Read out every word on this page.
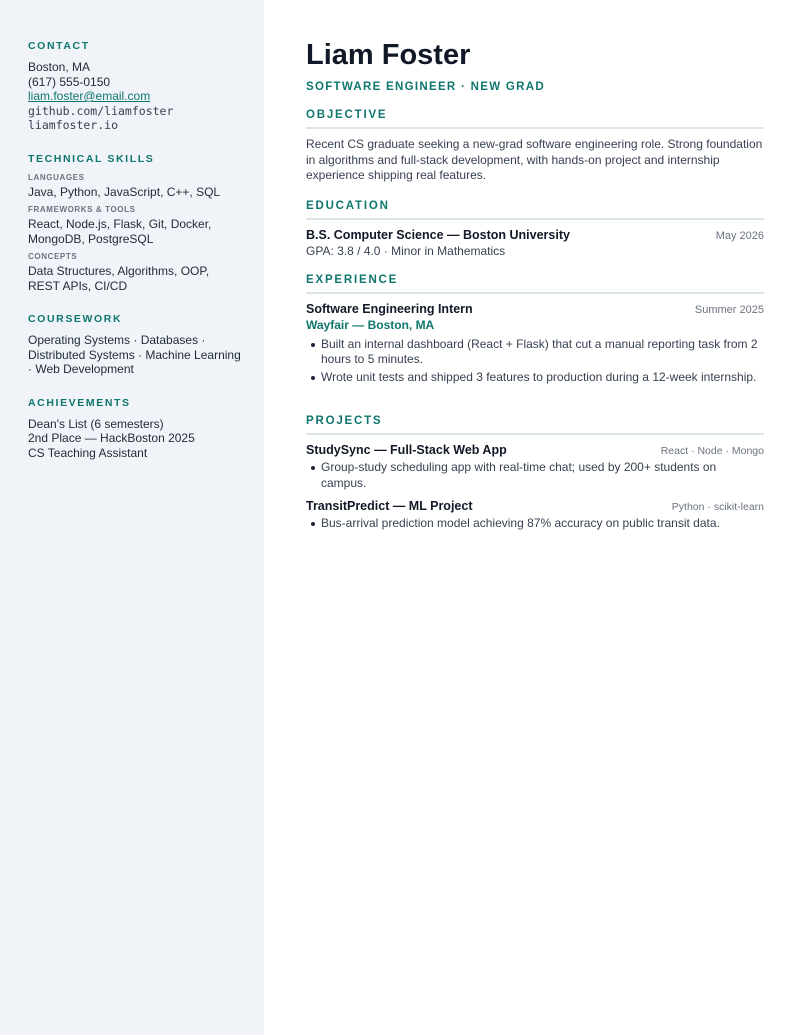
CONTACT
Boston, MA
(617) 555-0150
liam.foster@email.com
github.com/liamfoster
liamfoster.io
TECHNICAL SKILLS
LANGUAGES
Java, Python, JavaScript, C++, SQL
FRAMEWORKS & TOOLS
React, Node.js, Flask, Git, Docker, MongoDB, PostgreSQL
CONCEPTS
Data Structures, Algorithms, OOP, REST APIs, CI/CD
COURSEWORK
Operating Systems · Databases · Distributed Systems · Machine Learning · Web Development
ACHIEVEMENTS
Dean's List (6 semesters)
2nd Place — HackBoston 2025
CS Teaching Assistant
Liam Foster
SOFTWARE ENGINEER · NEW GRAD
OBJECTIVE
Recent CS graduate seeking a new-grad software engineering role. Strong foundation in algorithms and full-stack development, with hands-on project and internship experience shipping real features.
EDUCATION
B.S. Computer Science — Boston University	May 2026
GPA: 3.8 / 4.0 · Minor in Mathematics
EXPERIENCE
Software Engineering Intern	Summer 2025
Wayfair — Boston, MA
Built an internal dashboard (React + Flask) that cut a manual reporting task from 2 hours to 5 minutes.
Wrote unit tests and shipped 3 features to production during a 12-week internship.
PROJECTS
StudySync — Full-Stack Web App	React · Node · Mongo
Group-study scheduling app with real-time chat; used by 200+ students on campus.
TransitPredict — ML Project	Python · scikit-learn
Bus-arrival prediction model achieving 87% accuracy on public transit data.
